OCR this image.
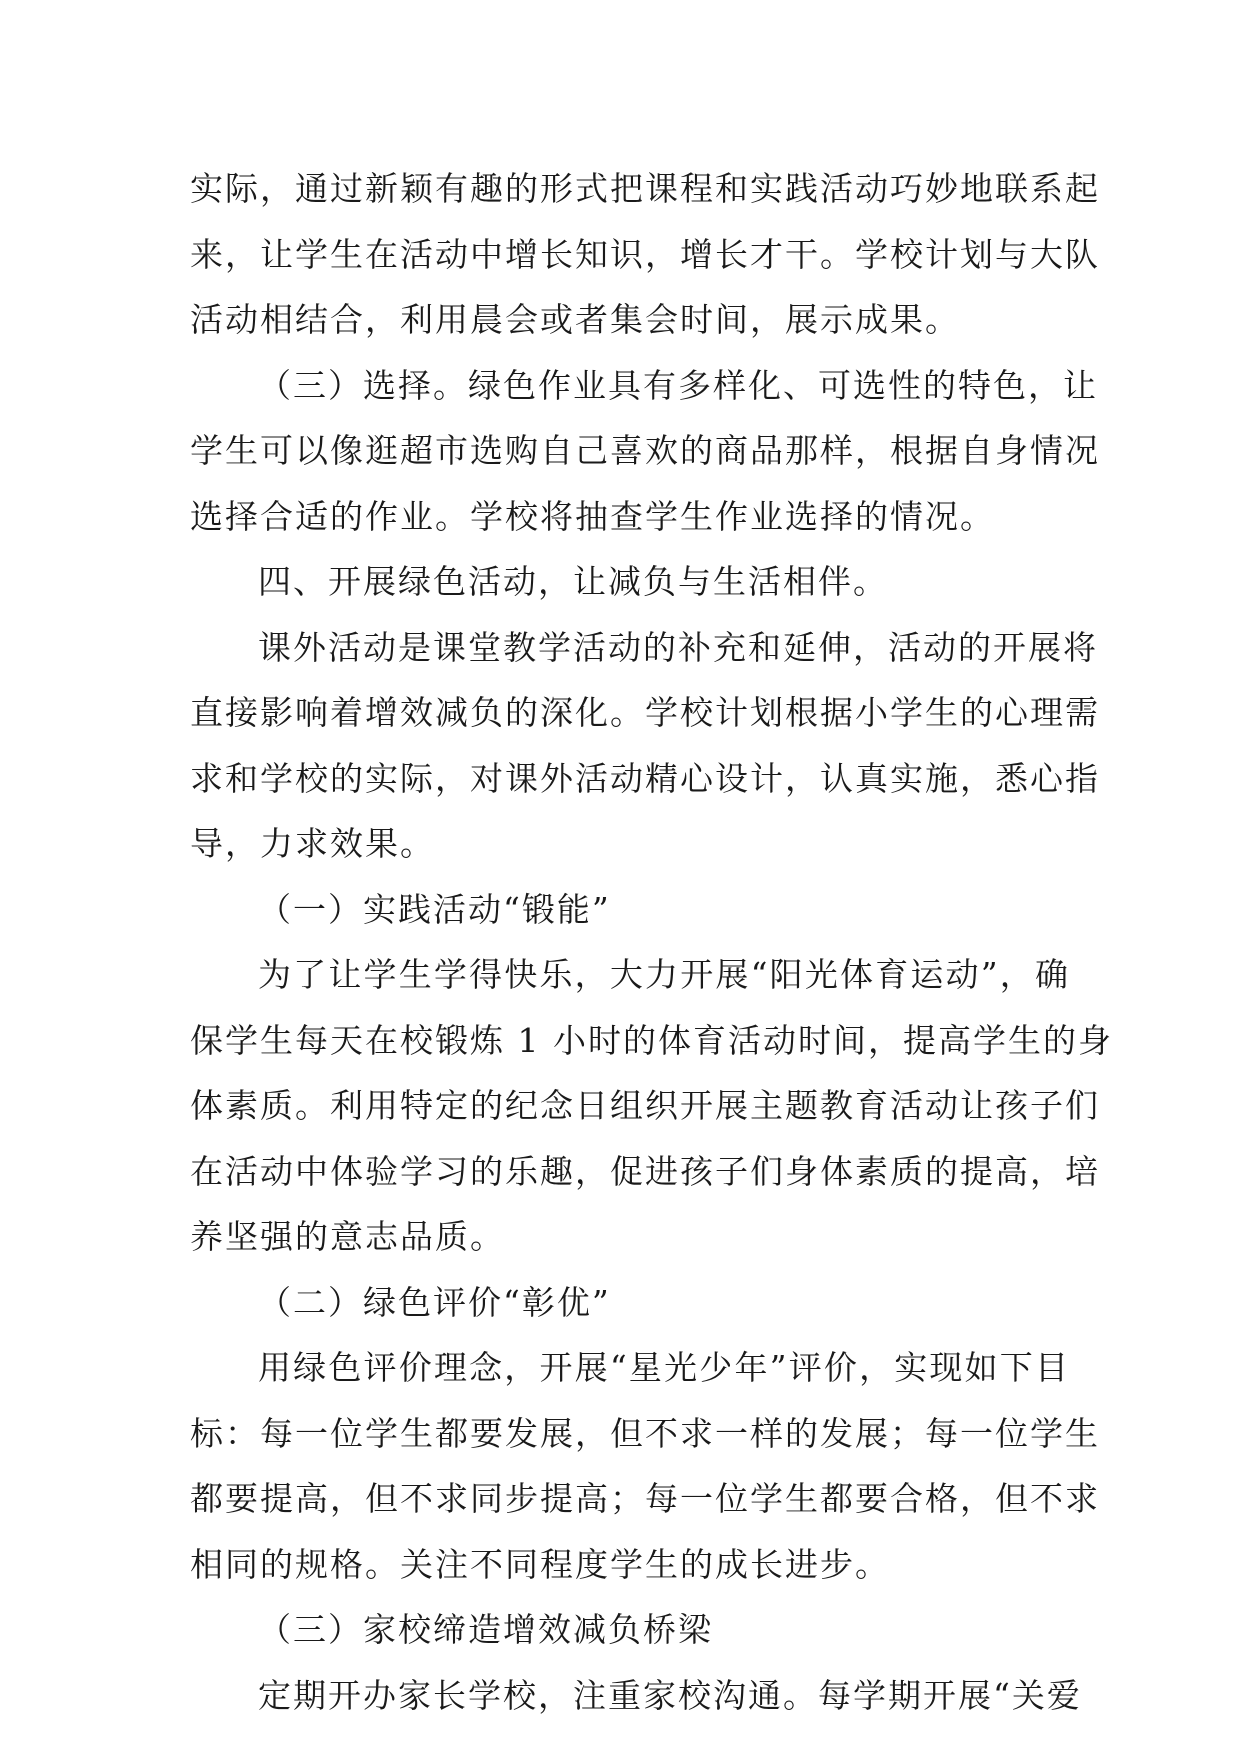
实际，通过新颖有趣的形式把课程和实践活动巧妙地联系起
来，让学生在活动中增长知识，增长才干。学校计划与大队
活动相结合，利用晨会或者集会时间，展示成果。
（三）选择。绿色作业具有多样化、可选性的特色，让
学生可以像逛超市选购自己喜欢的商品那样，根据自身情况
选择合适的作业。学校将抽查学生作业选择的情况。
四、开展绿色活动，让减负与生活相伴。
课外活动是课堂教学活动的补充和延伸，活动的开展将
直接影响着增效减负的深化。学校计划根据小学生的心理需
求和学校的实际，对课外活动精心设计，认真实施，悉心指
导，力求效果。
（一）实践活动“锻能”
为了让学生学得快乐，大力开展“阳光体育运动”，确
保学生每天在校锻炼 1 小时的体育活动时间，提高学生的身
体素质。利用特定的纪念日组织开展主题教育活动让孩子们
在活动中体验学习的乐趣，促进孩子们身体素质的提高，培
养坚强的意志品质。
（二）绿色评价“彰优”
用绿色评价理念，开展“星光少年”评价，实现如下目
标：每一位学生都要发展，但不求一样的发展；每一位学生
都要提高，但不求同步提高；每一位学生都要合格，但不求
相同的规格。关注不同程度学生的成长进步。
（三）家校缔造增效减负桥梁
定期开办家长学校，注重家校沟通。每学期开展“关爱
